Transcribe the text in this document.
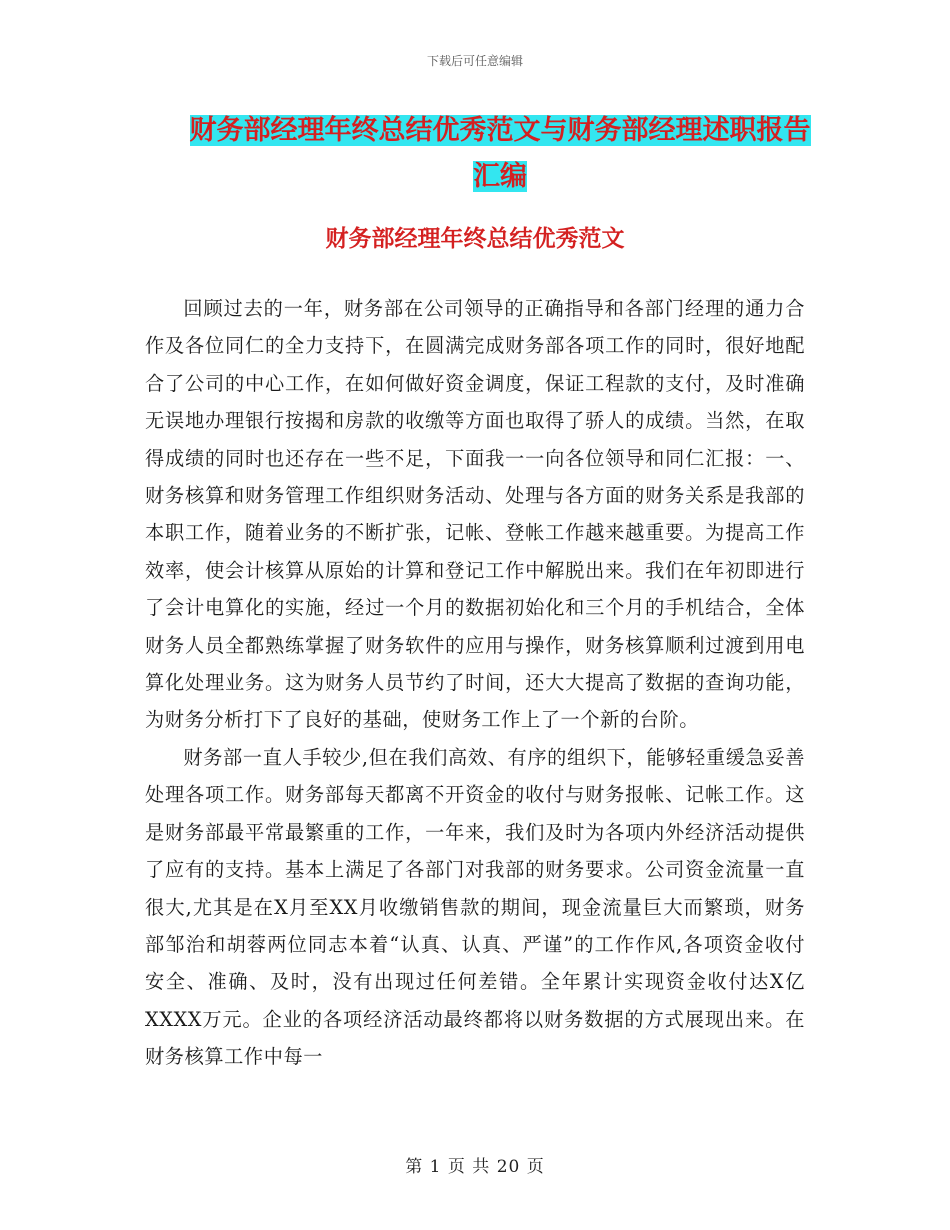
下载后可任意编辑
财务部经理年终总结优秀范文与财务部经理述职报告
汇编
财务部经理年终总结优秀范文

回顾过去的一年，财务部在公司领导的正确指导和各部门经理的通力合作及各位同仁的全力支持下，在圆满完成财务部各项工作的同时，很好地配合了公司的中心工作，在如何做好资金调度，保证工程款的支付，及时准确无误地办理银行按揭和房款的收缴等方面也取得了骄人的成绩。当然，在取得成绩的同时也还存在一些不足，下面我一一向各位领导和同仁汇报：一、财务核算和财务管理工作组织财务活动、处理与各方面的财务关系是我部的本职工作，随着业务的不断扩张，记帐、登帐工作越来越重要。为提高工作效率，使会计核算从原始的计算和登记工作中解脱出来。我们在年初即进行了会计电算化的实施，经过一个月的数据初始化和三个月的手机结合，全体财务人员全都熟练掌握了财务软件的应用与操作，财务核算顺利过渡到用电算化处理业务。这为财务人员节约了时间，还大大提高了数据的查询功能，为财务分析打下了良好的基础，使财务工作上了一个新的台阶。

财务部一直人手较少,但在我们高效、有序的组织下，能够轻重缓急妥善处理各项工作。财务部每天都离不开资金的收付与财务报帐、记帐工作。这是财务部最平常最繁重的工作，一年来，我们及时为各项内外经济活动提供了应有的支持。基本上满足了各部门对我部的财务要求。公司资金流量一直很大,尤其是在X月至XX月收缴销售款的期间，现金流量巨大而繁琐，财务部邹治和胡蓉两位同志本着“认真、认真、严谨”的工作作风,各项资金收付安全、准确、及时，没有出现过任何差错。全年累计实现资金收付达X亿XXXX万元。企业的各项经济活动最终都将以财务数据的方式展现出来。在财务核算工作中每一

第 1 页 共 20 页
